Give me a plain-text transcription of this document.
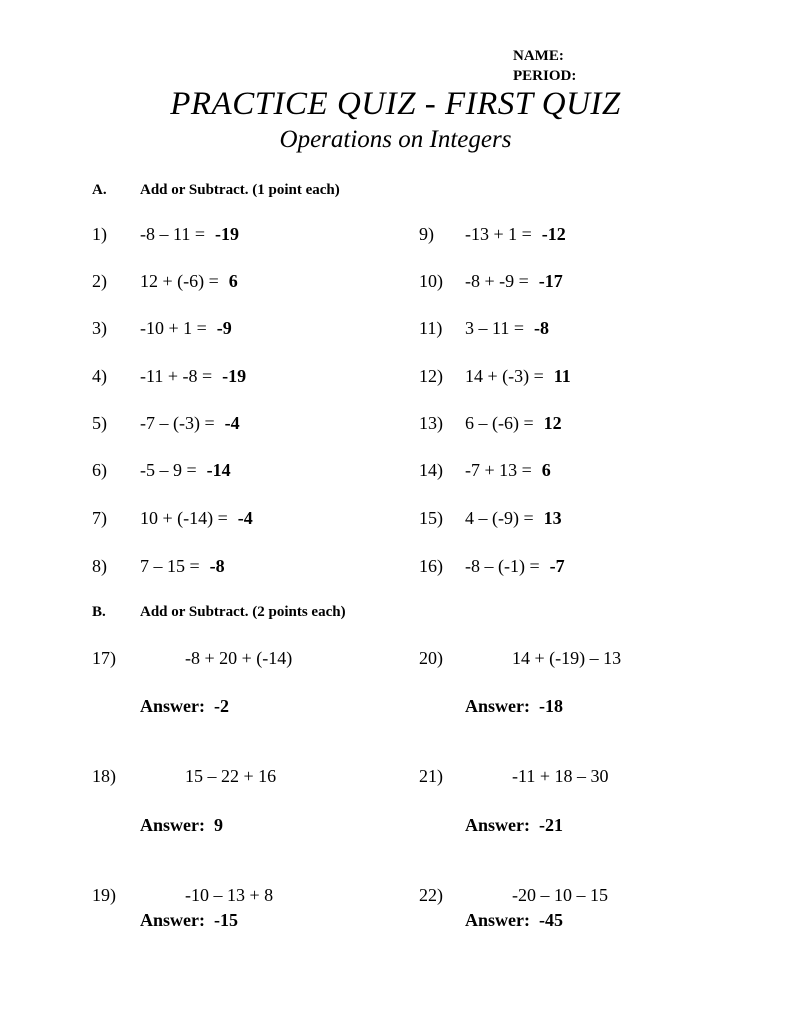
NAME:
PERIOD:
PRACTICE QUIZ - FIRST QUIZ
Operations on Integers
A. Add or Subtract. (1 point each)
1) -8 – 11 = -19
2) 12 + (-6) = 6
3) -10 + 1 = -9
4) -11 + -8 = -19
5) -7 – (-3) = -4
6) -5 – 9 = -14
7) 10 + (-14) = -4
8) 7 – 15 = -8
9) -13 + 1 = -12
10) -8 + -9 = -17
11) 3 – 11 = -8
12) 14 + (-3) = 11
13) 6 – (-6) = 12
14) -7 + 13 = 6
15) 4 – (-9) = 13
16) -8 – (-1) = -7
B. Add or Subtract. (2 points each)
17)	-8 + 20 + (-14)
Answer: -2
18)	15 – 22 + 16
Answer: 9
19)	-10 – 13 + 8
Answer: -15
20)	14 + (-19) – 13
Answer: -18
21)	-11 + 18 – 30
Answer: -21
22)	-20 – 10 – 15
Answer: -45
